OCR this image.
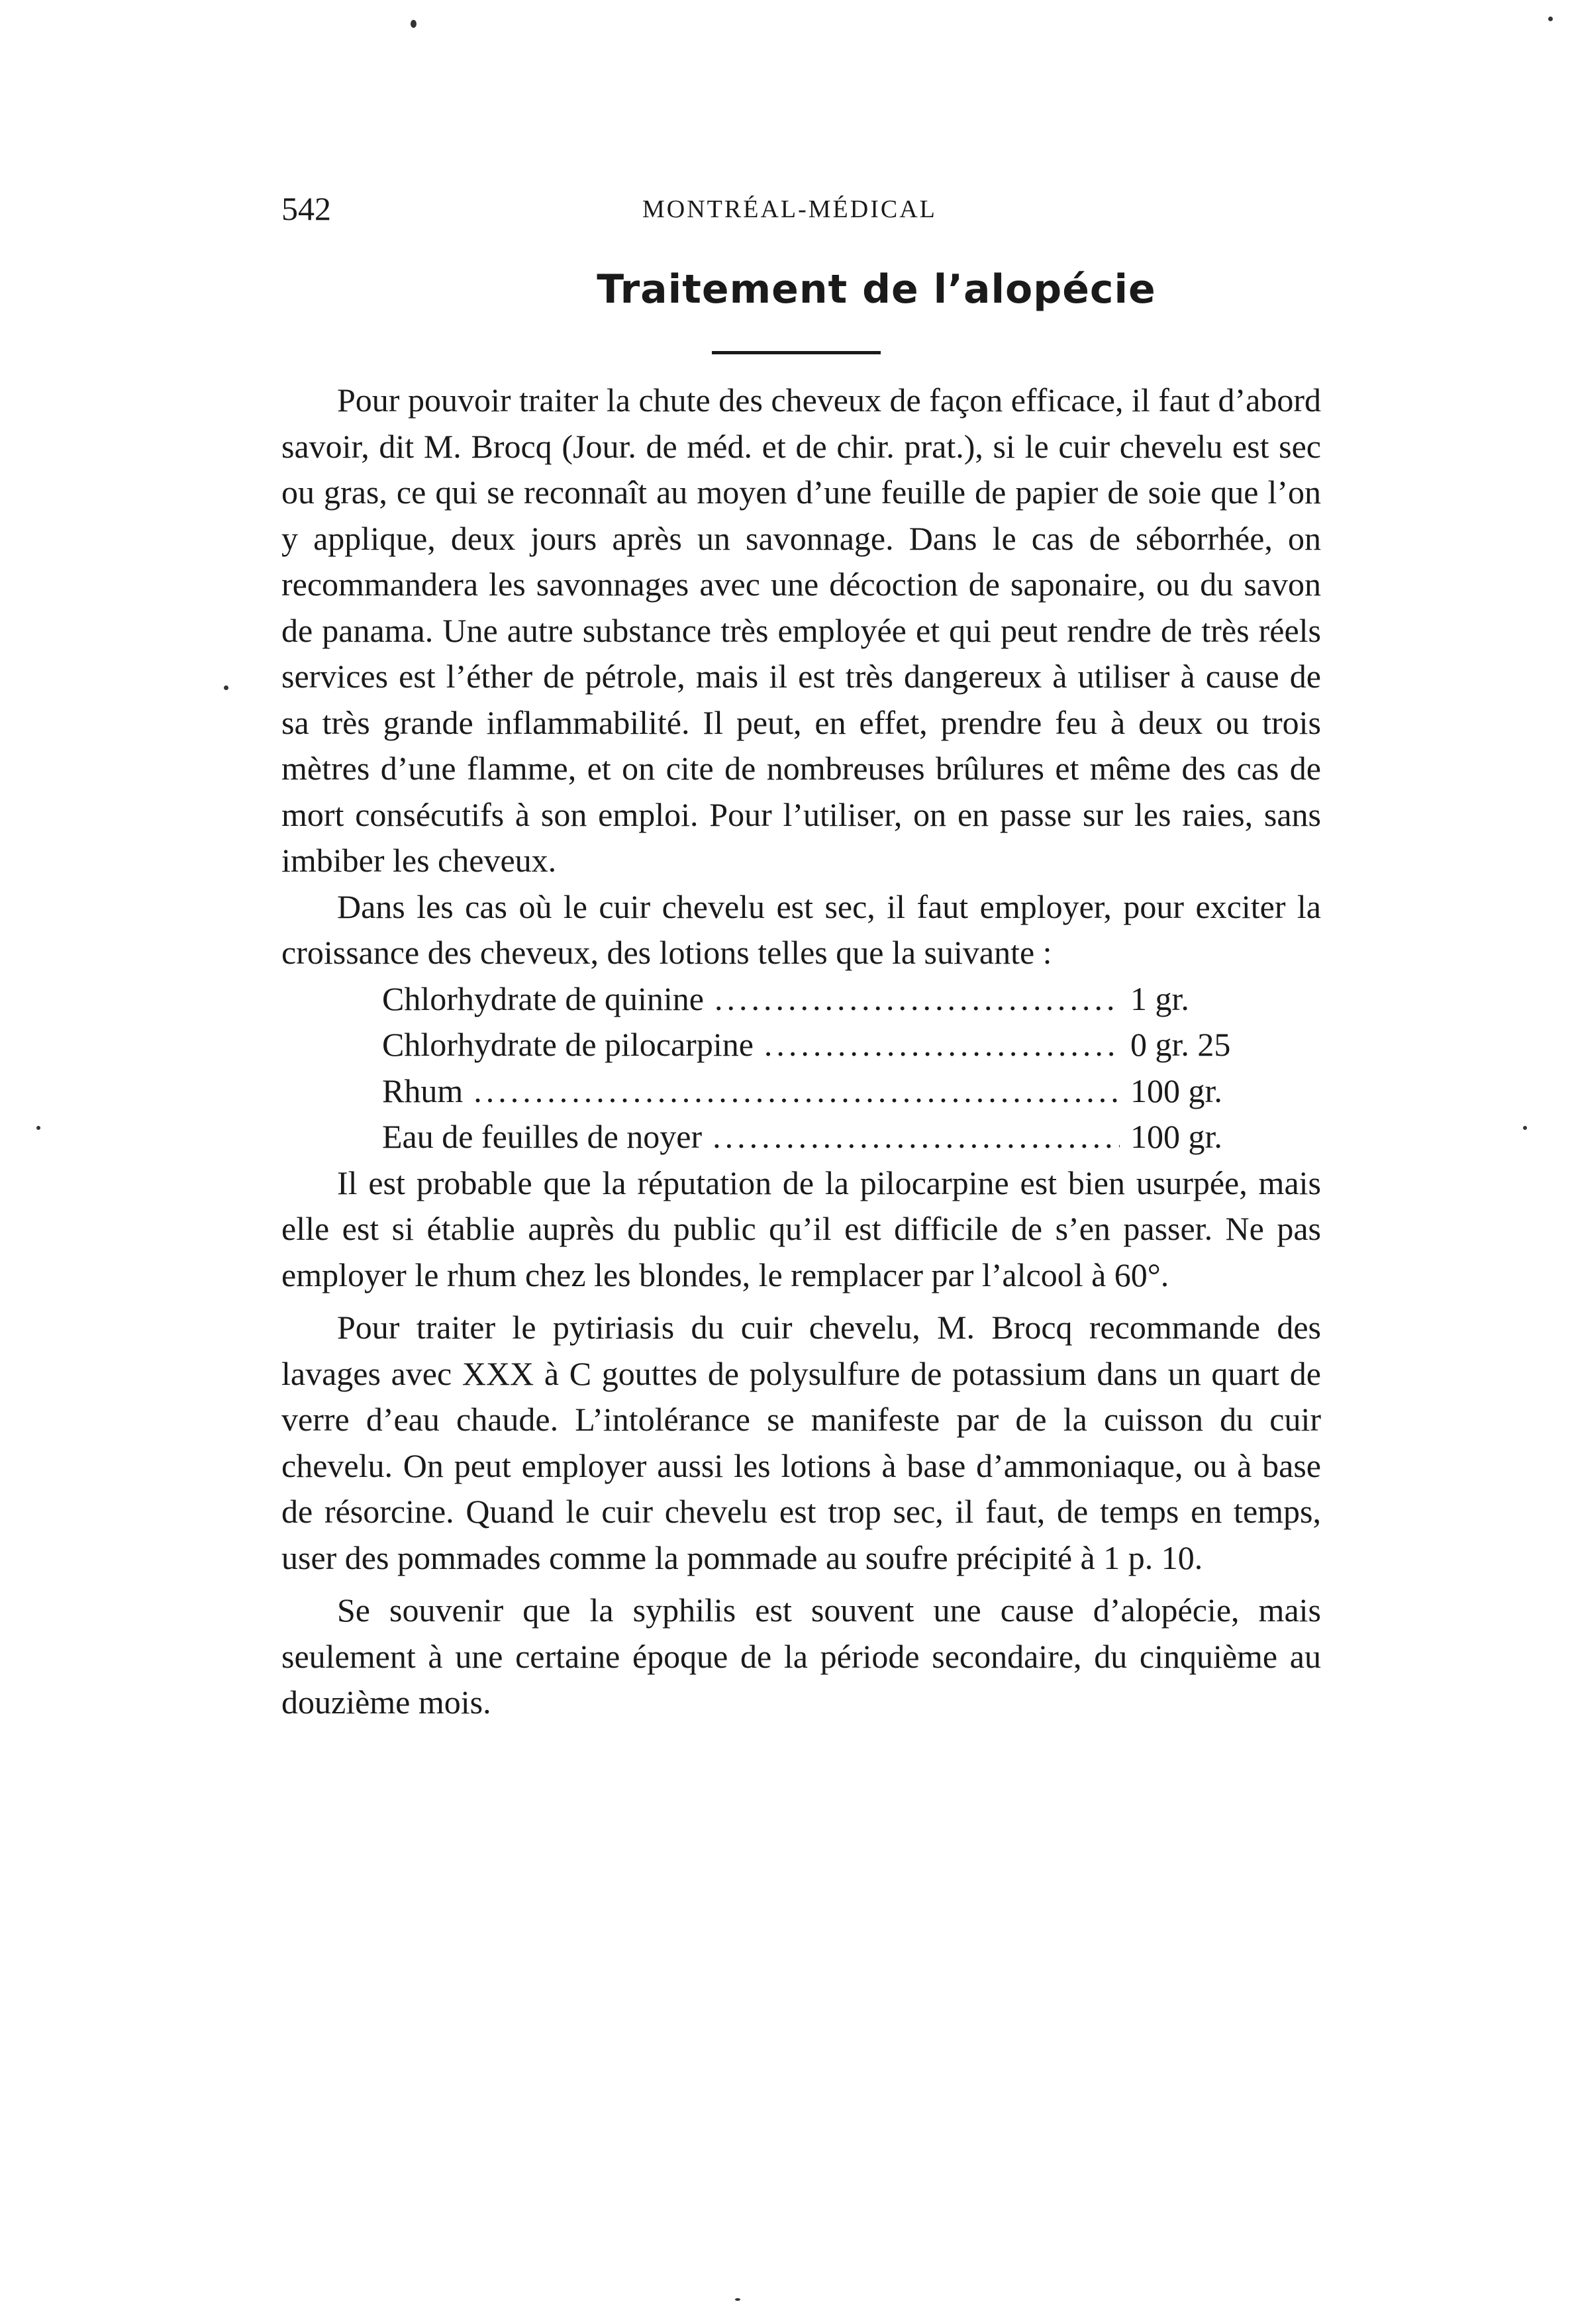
542	MONTRÉAL-MÉDICAL
Traitement de l’alopécie

Pour pouvoir traiter la chute des cheveux de façon efficace, il faut d’abord savoir, dit M. Brocq (Jour. de méd. et de chir. prat.), si le cuir chevelu est sec ou gras, ce qui se reconnaît au moyen d’une feuille de papier de soie que l’on y applique, deux jours après un savonnage. Dans le cas de séborrhée, on recommandera les savonnages avec une décoction de saponaire, ou du savon de panama. Une autre substance très employée et qui peut rendre de très réels services est l’éther de pétrole, mais il est très dangereux à utiliser à cause de sa très grande inflammabilité. Il peut, en effet, prendre feu à deux ou trois mètres d’une flamme, et on cite de nombreuses brûlures et même des cas de mort consécutifs à son emploi. Pour l’utiliser, on en passe sur les raies, sans imbiber les cheveux.

Dans les cas où le cuir chevelu est sec, il faut employer, pour exciter la croissance des cheveux, des lotions telles que la suivante :

Chlorhydrate de quinine .....	1 gr.
Chlorhydrate de pilocarpine .....	0 gr. 25
Rhum .....	100 gr.
Eau de feuilles de noyer .....	100 gr.

Il est probable que la réputation de la pilocarpine est bien usurpée, mais elle est si établie auprès du public qu’il est difficile de s’en passer. Ne pas employer le rhum chez les blondes, le remplacer par l’alcool à 60°.

Pour traiter le pytiriasis du cuir chevelu, M. Brocq recommande des lavages avec XXX à C gouttes de polysulfure de potassium dans un quart de verre d’eau chaude. L’intolérance se manifeste par de la cuisson du cuir chevelu. On peut employer aussi les lotions à base d’ammoniaque, ou à base de résorcine. Quand le cuir chevelu est trop sec, il faut, de temps en temps, user des pommades comme la pommade au soufre précipité à 1 p. 10.

Se souvenir que la syphilis est souvent une cause d’alopécie, mais seulement à une certaine époque de la période secondaire, du cinquième au douzième mois.
